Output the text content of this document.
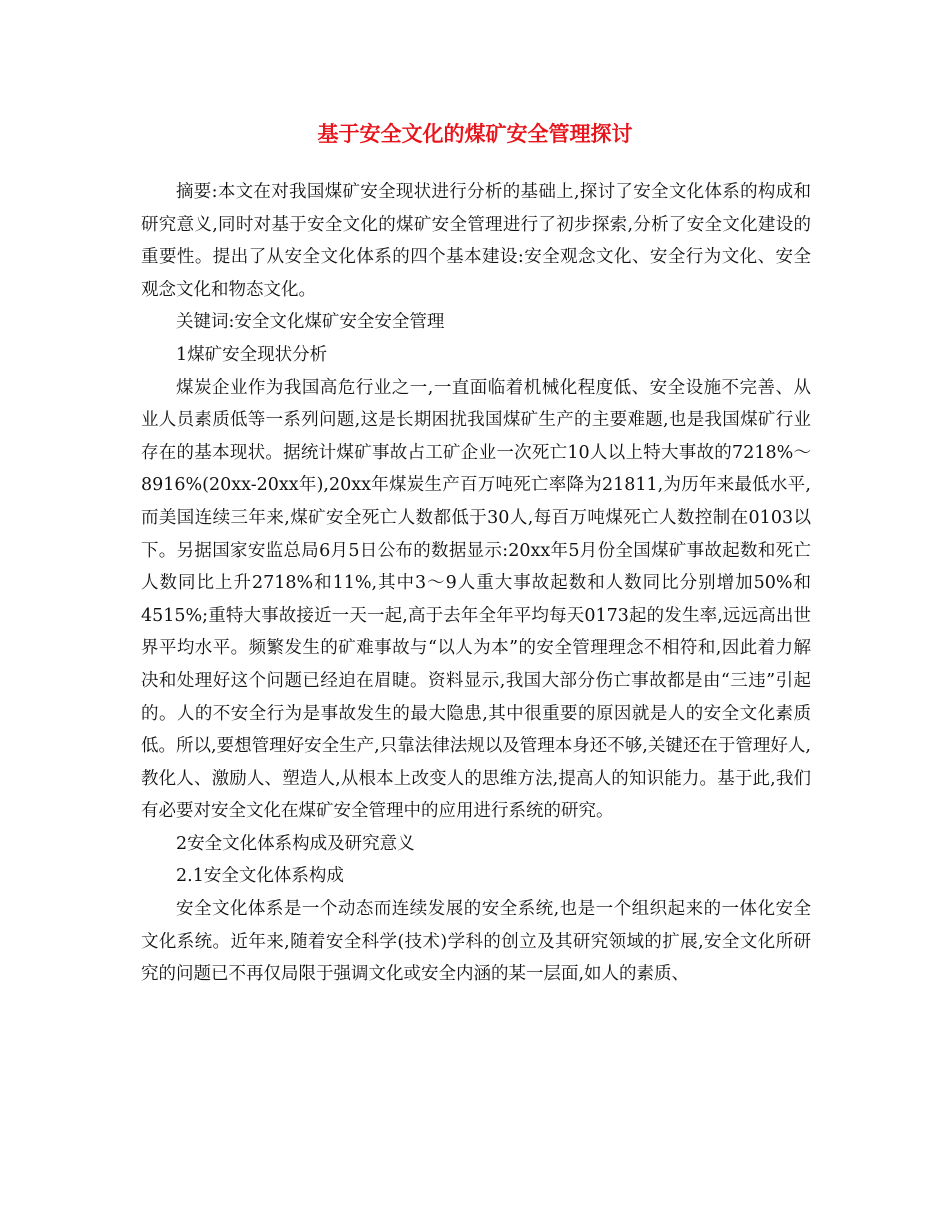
基于安全文化的煤矿安全管理探讨

摘要:本文在对我国煤矿安全现状进行分析的基础上,探讨了安全文化体系的构成和研究意义,同时对基于安全文化的煤矿安全管理进行了初步探索,分析了安全文化建设的重要性。提出了从安全文化体系的四个基本建设:安全观念文化、安全行为文化、安全观念文化和物态文化。

关键词:安全文化煤矿安全安全管理

1煤矿安全现状分析

煤炭企业作为我国高危行业之一,一直面临着机械化程度低、安全设施不完善、从业人员素质低等一系列问题,这是长期困扰我国煤矿生产的主要难题,也是我国煤矿行业存在的基本现状。据统计煤矿事故占工矿企业一次死亡10人以上特大事故的7218%～8916%(20xx-20xx年),20xx年煤炭生产百万吨死亡率降为21811,为历年来最低水平,而美国连续三年来,煤矿安全死亡人数都低于30人,每百万吨煤死亡人数控制在0103以下。另据国家安监总局6月5日公布的数据显示:20xx年5月份全国煤矿事故起数和死亡人数同比上升2718%和11%,其中3～9人重大事故起数和人数同比分别增加50%和4515%;重特大事故接近一天一起,高于去年全年平均每天0173起的发生率,远远高出世界平均水平。频繁发生的矿难事故与“以人为本”的安全管理理念不相符和,因此着力解决和处理好这个问题已经迫在眉睫。资料显示,我国大部分伤亡事故都是由“三违”引起的。人的不安全行为是事故发生的最大隐患,其中很重要的原因就是人的安全文化素质低。所以,要想管理好安全生产,只靠法律法规以及管理本身还不够,关键还在于管理好人,教化人、激励人、塑造人,从根本上改变人的思维方法,提高人的知识能力。基于此,我们有必要对安全文化在煤矿安全管理中的应用进行系统的研究。

2安全文化体系构成及研究意义

2.1安全文化体系构成

安全文化体系是一个动态而连续发展的安全系统,也是一个组织起来的一体化安全文化系统。近年来,随着安全科学(技术)学科的创立及其研究领域的扩展,安全文化所研究的问题已不再仅局限于强调文化或安全内涵的某一层面,如人的素质、
